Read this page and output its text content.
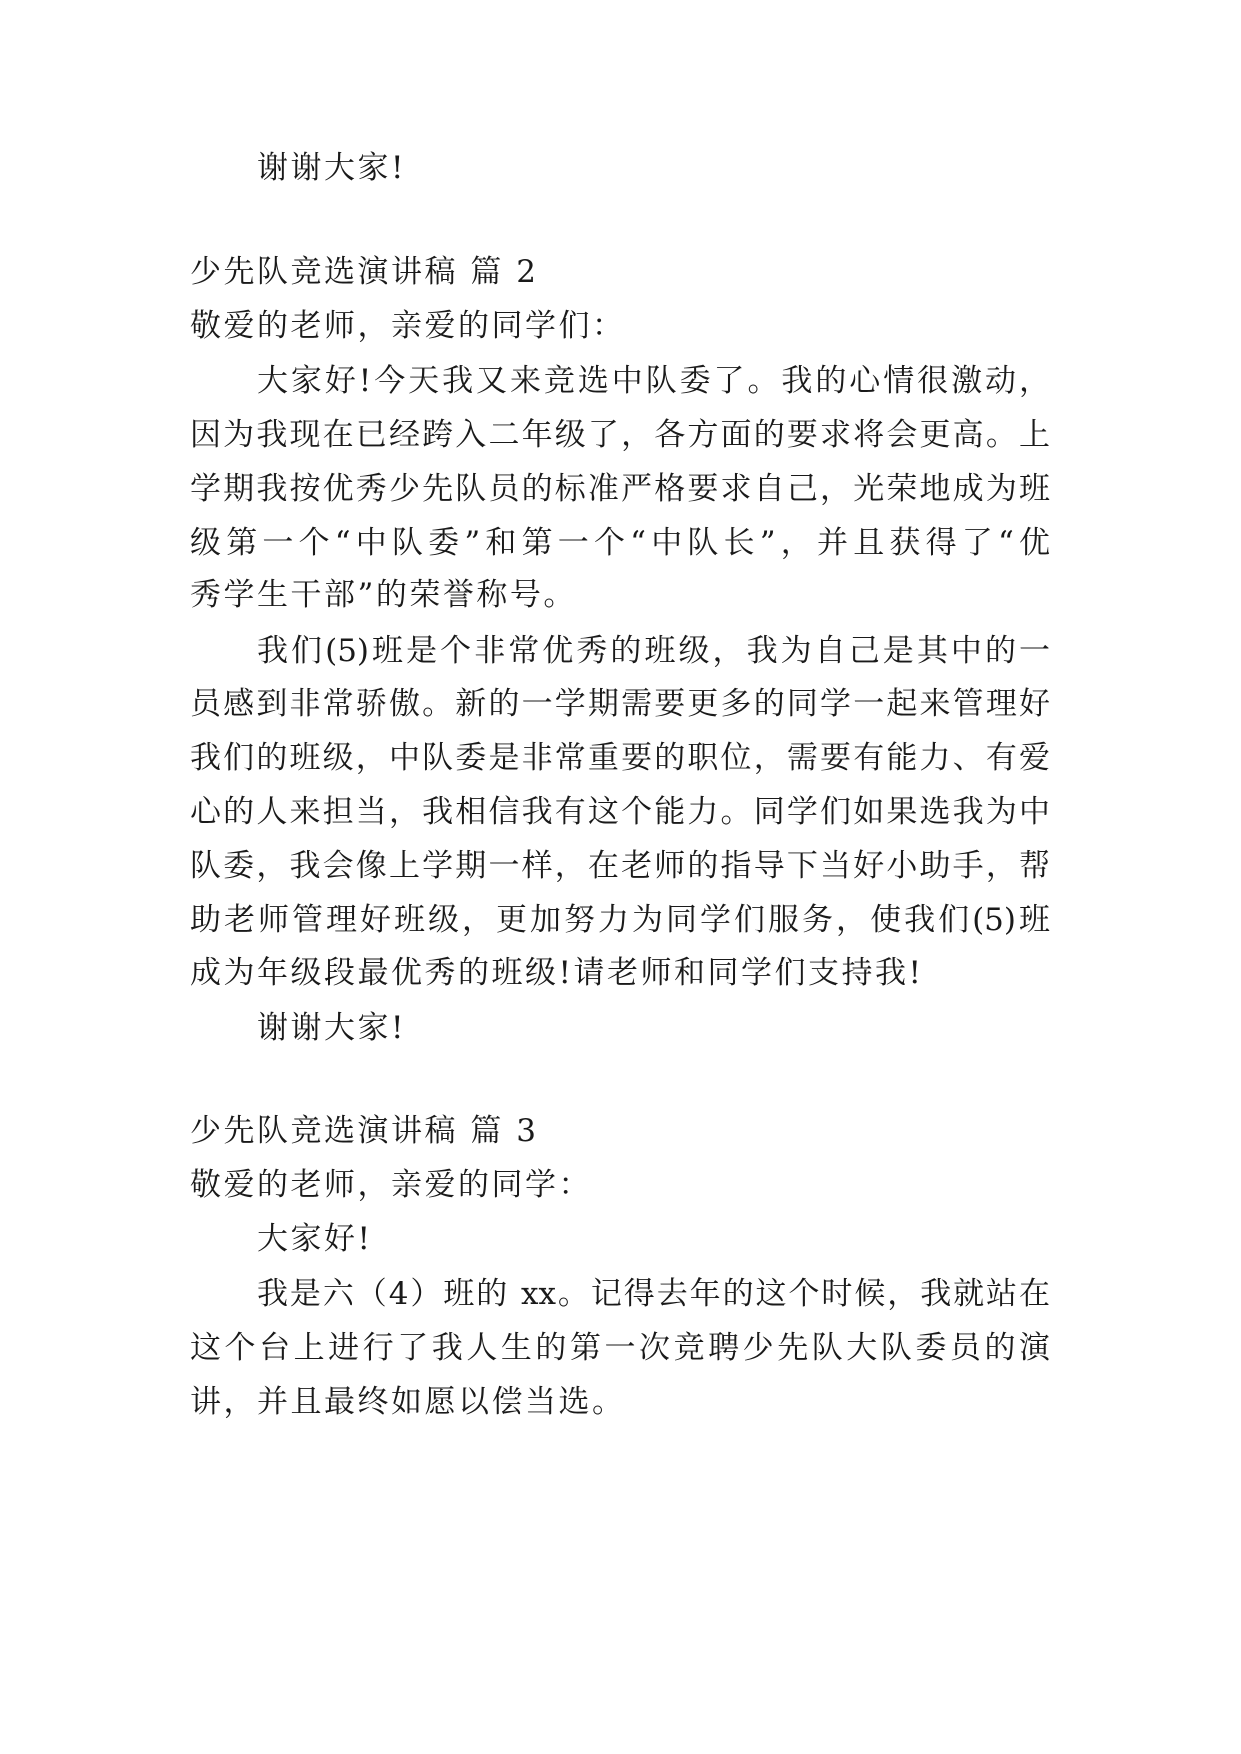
谢谢大家!
少先队竞选演讲稿 篇 2
敬爱的老师，亲爱的同学们：
大家好!今天我又来竞选中队委了。我的心情很激动，
因为我现在已经跨入二年级了，各方面的要求将会更高。上
学期我按优秀少先队员的标准严格要求自己，光荣地成为班
级第一个“中队委”和第一个“中队长”，并且获得了“优
秀学生干部”的荣誉称号。
我们(5)班是个非常优秀的班级，我为自己是其中的一
员感到非常骄傲。新的一学期需要更多的同学一起来管理好
我们的班级，中队委是非常重要的职位，需要有能力、有爱
心的人来担当，我相信我有这个能力。同学们如果选我为中
队委，我会像上学期一样，在老师的指导下当好小助手，帮
助老师管理好班级，更加努力为同学们服务，使我们(5)班
成为年级段最优秀的班级!请老师和同学们支持我!
谢谢大家!
少先队竞选演讲稿 篇 3
敬爱的老师，亲爱的同学：
大家好!
我是六（4）班的 xx。记得去年的这个时候，我就站在
这个台上进行了我人生的第一次竞聘少先队大队委员的演
讲，并且最终如愿以偿当选。
